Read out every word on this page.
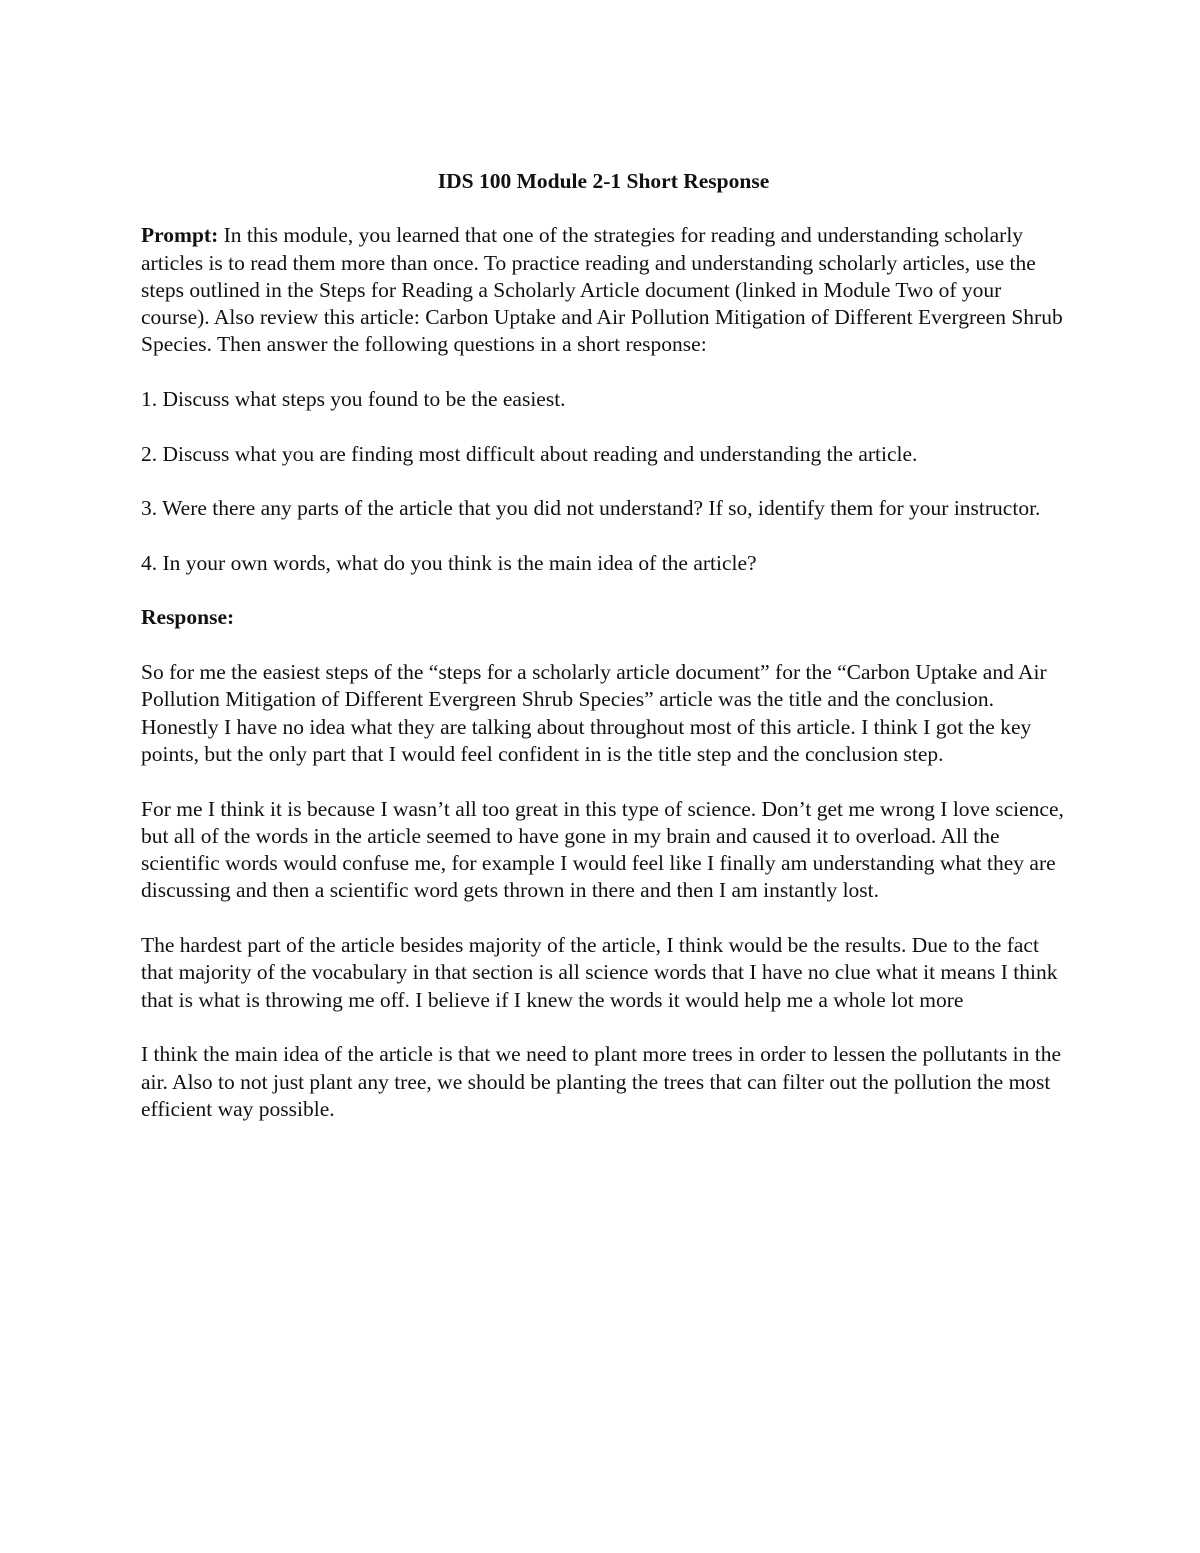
IDS 100 Module 2-1 Short Response

Prompt: In this module, you learned that one of the strategies for reading and understanding scholarly articles is to read them more than once. To practice reading and understanding scholarly articles, use the steps outlined in the Steps for Reading a Scholarly Article document (linked in Module Two of your course). Also review this article: Carbon Uptake and Air Pollution Mitigation of Different Evergreen Shrub Species. Then answer the following questions in a short response:

1. Discuss what steps you found to be the easiest.

2. Discuss what you are finding most difficult about reading and understanding the article.

3. Were there any parts of the article that you did not understand? If so, identify them for your instructor.

4. In your own words, what do you think is the main idea of the article?

Response:

So for me the easiest steps of the “steps for a scholarly article document” for the “Carbon Uptake and Air Pollution Mitigation of Different Evergreen Shrub Species” article was the title and the conclusion. Honestly I have no idea what they are talking about throughout most of this article. I think I got the key points, but the only part that I would feel confident in is the title step and the conclusion step.

For me I think it is because I wasn’t all too great in this type of science. Don’t get me wrong I love science, but all of the words in the article seemed to have gone in my brain and caused it to overload. All the scientific words would confuse me, for example I would feel like I finally am understanding what they are discussing and then a scientific word gets thrown in there and then I am instantly lost.

The hardest part of the article besides majority of the article, I think would be the results. Due to the fact that majority of the vocabulary in that section is all science words that I have no clue what it means I think that is what is throwing me off. I believe if I knew the words it would help me a whole lot more

I think the main idea of the article is that we need to plant more trees in order to lessen the pollutants in the air. Also to not just plant any tree, we should be planting the trees that can filter out the pollution the most efficient way possible.
